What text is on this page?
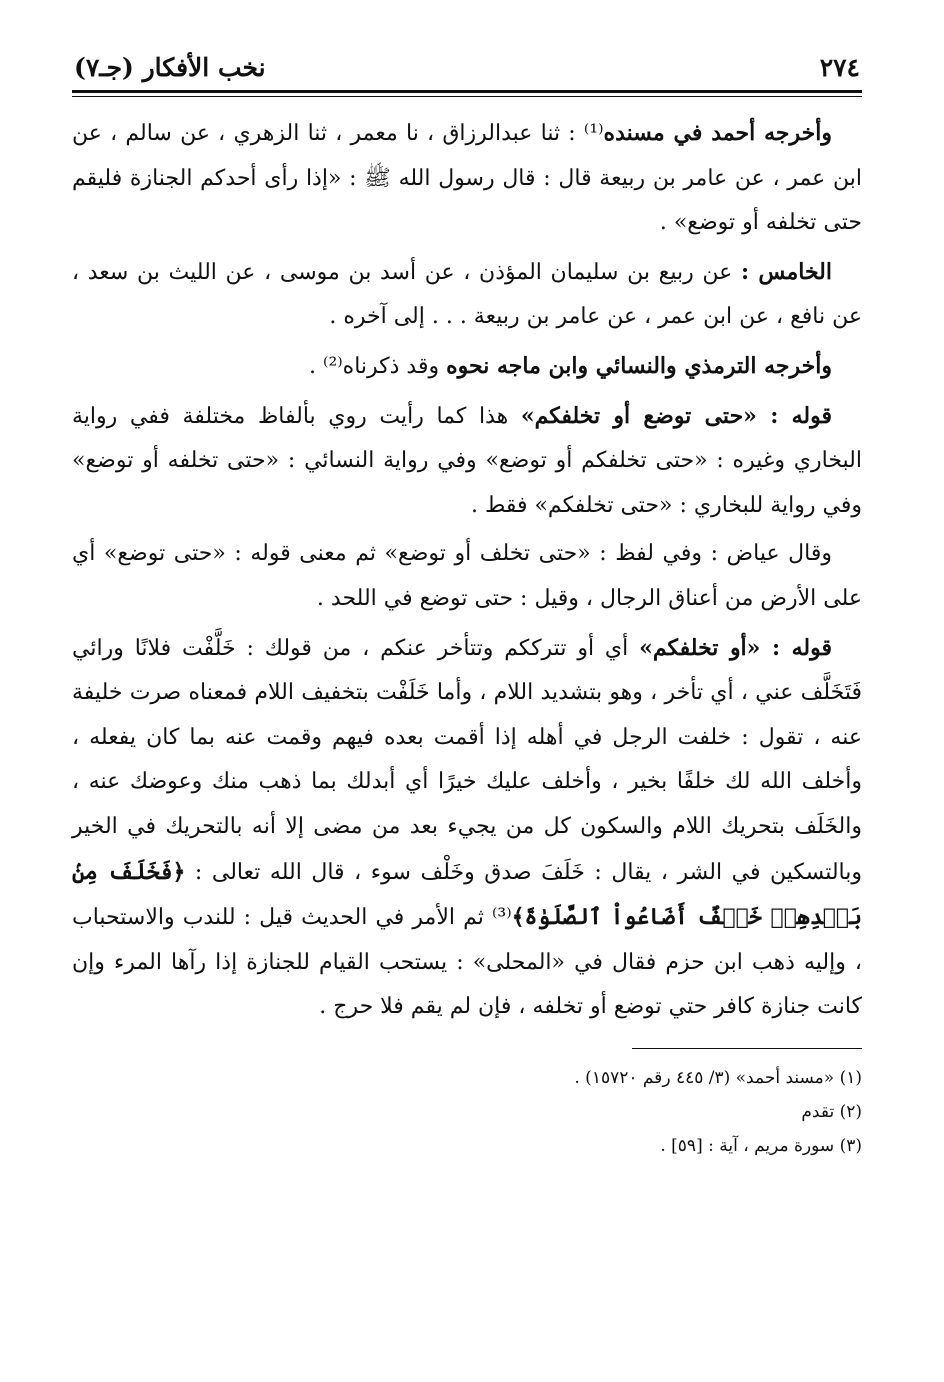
٢٧٤
نخب الأفكار (جـ٧)

وأخرجه أحمد في مسنده⁽¹⁾ : ثنا عبدالرزاق ، نا معمر ، ثنا الزهري ، عن سالم ، عن ابن عمر ، عن عامر بن ربيعة قال : قال رسول الله ﷺ : «إذا رأى أحدكم الجنازة فليقم حتى تخلفه أو توضع» .

الخامس : عن ربيع بن سليمان المؤذن ، عن أسد بن موسى ، عن الليث بن سعد ، عن نافع ، عن ابن عمر ، عن عامر بن ربيعة . . . إلى آخره .

وأخرجه الترمذي والنسائي وابن ماجه نحوه وقد ذكرناه⁽²⁾ .

قوله : «حتى توضع أو تخلفكم» هذا كما رأيت روي بألفاظ مختلفة ففي رواية البخاري وغيره : «حتى تخلفكم أو توضع» وفي رواية النسائي : «حتى تخلفه أو توضع» وفي رواية للبخاري : «حتى تخلفكم» فقط .

وقال عياض : وفي لفظ : «حتى تخلف أو توضع» ثم معنى قوله : «حتى توضع» أي على الأرض من أعناق الرجال ، وقيل : حتى توضع في اللحد .

قوله : «أو تخلفكم» أي أو تترككم وتتأخر عنكم ، من قولك : خَلَّفْت فلانًا ورائي فَتَخَلَّف عني ، أي تأخر ، وهو بتشديد اللام ، وأما خَلَفْت بتخفيف اللام فمعناه صرت خليفة عنه ، تقول : خلفت الرجل في أهله إذا أقمت بعده فيهم وقمت عنه بما كان يفعله ، وأخلف الله لك خلفًا بخير ، وأخلف عليك خيرًا أي أبدلك بما ذهب منك وعوضك عنه ، والخَلَف بتحريك اللام والسكون كل من يجيء بعد من مضى إلا أنه بالتحريك في الخير وبالتسكين في الشر ، يقال : خَلَفَ صدق وخَلْف سوء ، قال الله تعالى : ﴿فَخَلَفَ مِنۢ بَعۡدِهِمۡ خَلۡفٌ أَضَاعُواْ ٱلصَّلَوٰةَ﴾⁽³⁾ ثم الأمر في الحديث قيل : للندب والاستحباب ، وإليه ذهب ابن حزم فقال في «المحلى» : يستحب القيام للجنازة إذا رآها المرء وإن كانت جنازة كافر حتي توضع أو تخلفه ، فإن لم يقم فلا حرج .

(١) «مسند أحمد» (٣/ ٤٤٥ رقم ١٥٧٢٠) .

(٢) تقدم

(٣) سورة مريم ، آية : [٥٩] .
